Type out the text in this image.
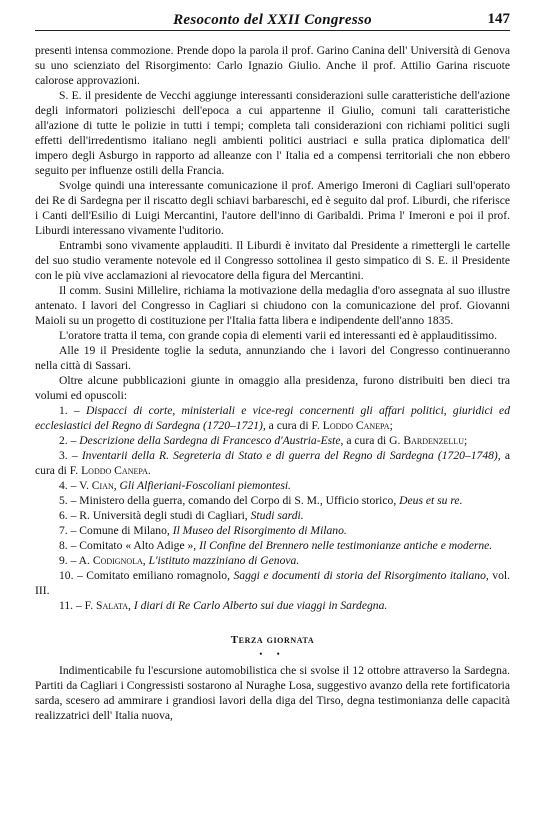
Resoconto del XXII Congresso	147

presenti intensa commozione. Prende dopo la parola il prof. Garino Canina dell' Università di Genova su uno scienziato del Risorgimento: Carlo Ignazio Giulio. Anche il prof. Attilio Garina riscuote calorose approvazioni.

S. E. il presidente de Vecchi aggiunge interessanti considerazioni sulle caratteristiche dell'azione degli informatori polizieschi dell'epoca a cui appartenne il Giulio, comuni tali caratteristiche all'azione di tutte le polizie in tutti i tempi; completa tali considerazioni con richiami politici sugli effetti dell'irredentismo italiano negli ambienti politici austriaci e sulla pratica diplomatica dell' impero degli Asburgo in rapporto ad alleanze con l' Italia ed a compensi territoriali che non ebbero seguito per influenze ostili della Francia.

Svolge quindi una interessante comunicazione il prof. Amerigo Imeroni di Cagliari sull'operato dei Re di Sardegna per il riscatto degli schiavi barbareschi, ed è seguito dal prof. Liburdi, che riferisce i Canti dell'Esilio di Luigi Mercantini, l'autore dell'inno di Garibaldi. Prima l' Imeroni e poi il prof. Liburdi interessano vivamente l'uditorio.

Entrambi sono vivamente applauditi. Il Liburdi è invitato dal Presidente a rimettergli le cartelle del suo studio veramente notevole ed il Congresso sottolinea il gesto simpatico di S. E. il Presidente con le più vive acclamazioni al rievocatore della figura del Mercantini.

Il comm. Susini Millelire, richiama la motivazione della medaglia d'oro assegnata al suo illustre antenato. I lavori del Congresso in Cagliari si chiudono con la comunicazione del prof. Giovanni Maioli su un progetto di costituzione per l'Italia fatta libera e indipendente dell'anno 1835.

L'oratore tratta il tema, con grande copia di elementi varii ed interessanti ed è applauditissimo.

Alle 19 il Presidente toglie la seduta, annunziando che i lavori del Congresso continueranno nella città di Sassari.

Oltre alcune pubblicazioni giunte in omaggio alla presidenza, furono distribuiti ben dieci tra volumi ed opuscoli:

1. – Dispacci di corte, ministeriali e vice-regi concernenti gli affari politici, giuridici ed ecclesiastici del Regno di Sardegna (1720–1721), a cura di F. Loddo Canepa;

2. – Descrizione della Sardegna di Francesco d'Austria-Este, a cura di G. Bardenzellu;

3. – Inventarii della R. Segreteria di Stato e di guerra del Regno di Sardegna (1720–1748), a cura di F. Loddo Canepa.

4. – V. Cian, Gli Alfieriani-Foscoliani piemontesi.

5. – Ministero della guerra, comando del Corpo di S. M., Ufficio storico, Deus et su re.

6. – R. Università degli studi di Cagliari, Studi sardi.

7. – Comune di Milano, Il Museo del Risorgimento di Milano.

8. – Comitato « Alto Adige », Il Confine del Brennero nelle testimonianze antiche e moderne.

9. – A. Codignola, L'istituto mazziniano di Genova.

10. – Comitato emiliano romagnolo, Saggi e documenti di storia del Risorgimento italiano, vol. III.

11. – F. Salata, I diari di Re Carlo Alberto sui due viaggi in Sardegna.

Terza giornata
• •

Indimenticabile fu l'escursione automobilistica che si svolse il 12 ottobre attraverso la Sardegna. Partiti da Cagliari i Congressisti sostarono al Nuraghe Losa, suggestivo avanzo della rete fortificatoria sarda, scesero ad ammirare i grandiosi lavori della diga del Tirso, degna testimonianza delle capacità realizzatrici dell' Italia nuova,
